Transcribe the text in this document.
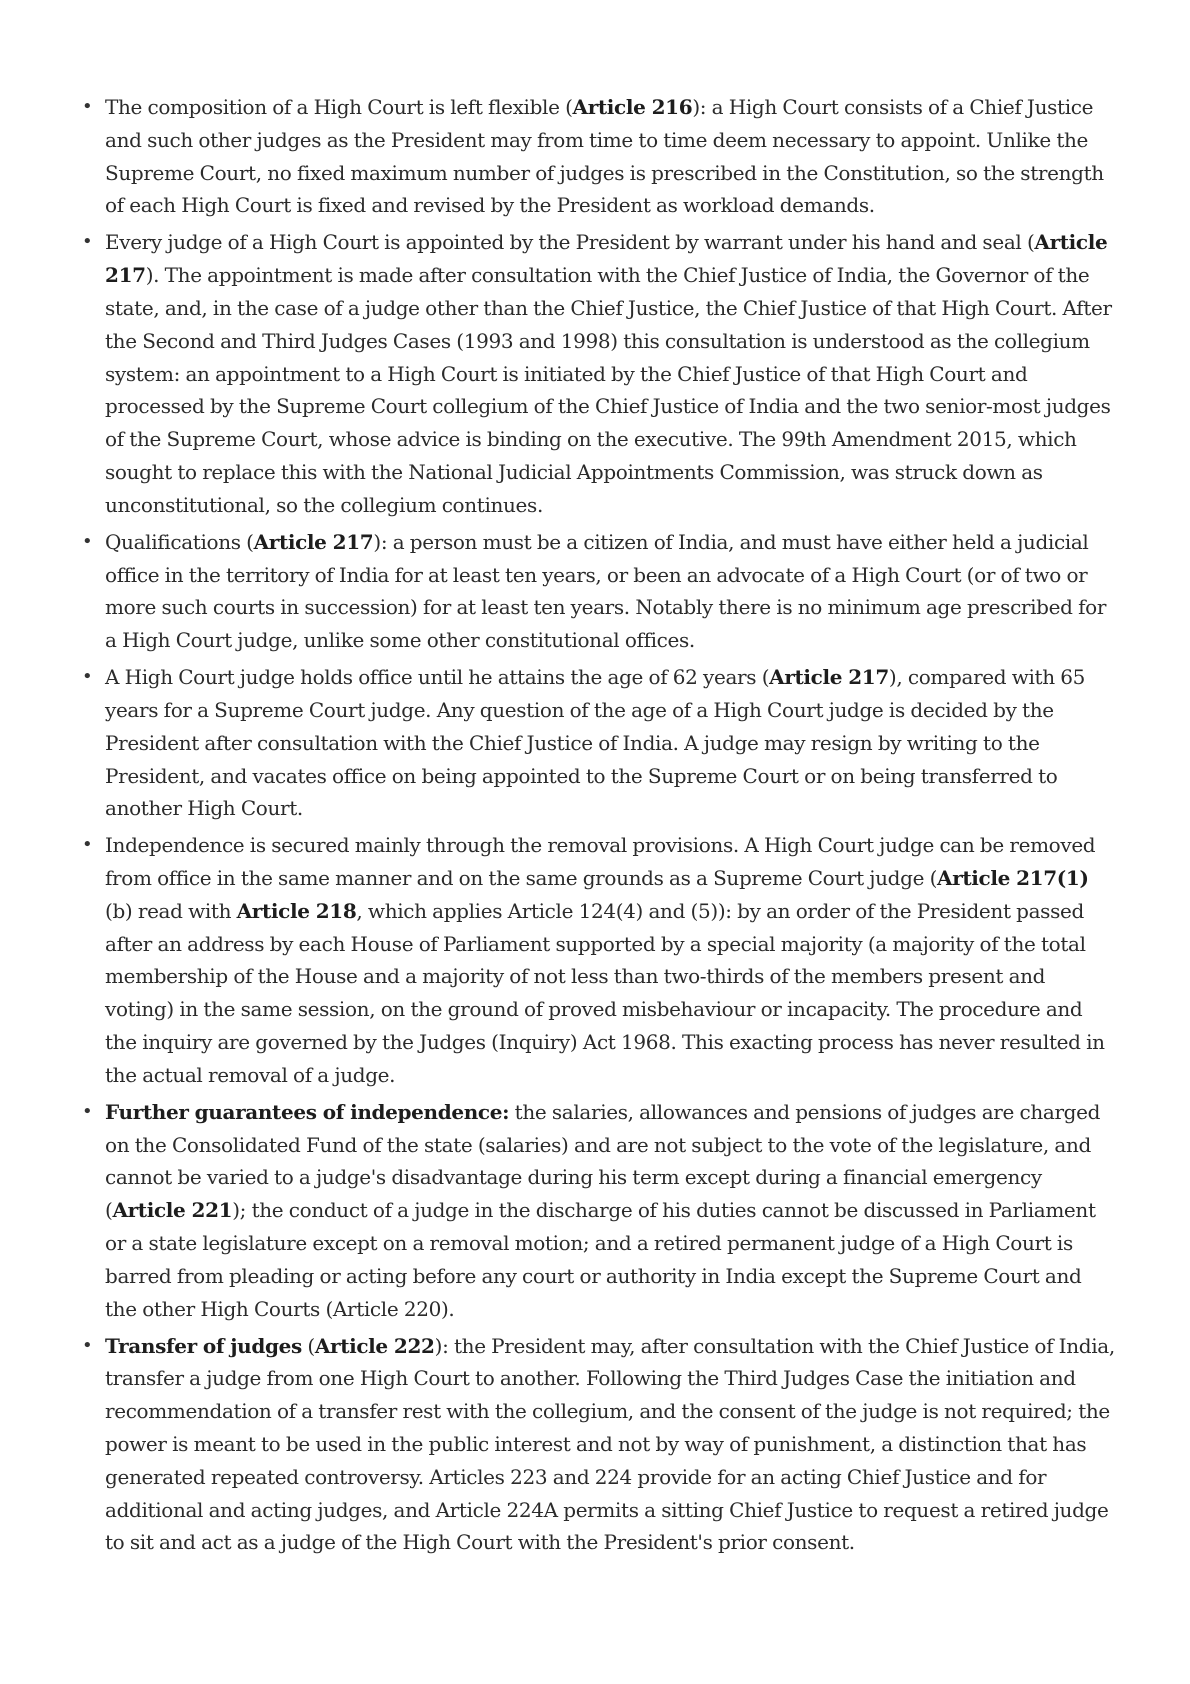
• The composition of a High Court is left flexible (Article 216): a High Court consists of a Chief Justice and such other judges as the President may from time to time deem necessary to appoint. Unlike the Supreme Court, no fixed maximum number of judges is prescribed in the Constitution, so the strength of each High Court is fixed and revised by the President as workload demands.
• Every judge of a High Court is appointed by the President by warrant under his hand and seal (Article 217). The appointment is made after consultation with the Chief Justice of India, the Governor of the state, and, in the case of a judge other than the Chief Justice, the Chief Justice of that High Court. After the Second and Third Judges Cases (1993 and 1998) this consultation is understood as the collegium system: an appointment to a High Court is initiated by the Chief Justice of that High Court and processed by the Supreme Court collegium of the Chief Justice of India and the two senior-most judges of the Supreme Court, whose advice is binding on the executive. The 99th Amendment 2015, which sought to replace this with the National Judicial Appointments Commission, was struck down as unconstitutional, so the collegium continues.
• Qualifications (Article 217): a person must be a citizen of India, and must have either held a judicial office in the territory of India for at least ten years, or been an advocate of a High Court (or of two or more such courts in succession) for at least ten years. Notably there is no minimum age prescribed for a High Court judge, unlike some other constitutional offices.
• A High Court judge holds office until he attains the age of 62 years (Article 217), compared with 65 years for a Supreme Court judge. Any question of the age of a High Court judge is decided by the President after consultation with the Chief Justice of India. A judge may resign by writing to the President, and vacates office on being appointed to the Supreme Court or on being transferred to another High Court.
• Independence is secured mainly through the removal provisions. A High Court judge can be removed from office in the same manner and on the same grounds as a Supreme Court judge (Article 217(1)(b) read with Article 218, which applies Article 124(4) and (5)): by an order of the President passed after an address by each House of Parliament supported by a special majority (a majority of the total membership of the House and a majority of not less than two-thirds of the members present and voting) in the same session, on the ground of proved misbehaviour or incapacity. The procedure and the inquiry are governed by the Judges (Inquiry) Act 1968. This exacting process has never resulted in the actual removal of a judge.
• Further guarantees of independence: the salaries, allowances and pensions of judges are charged on the Consolidated Fund of the state (salaries) and are not subject to the vote of the legislature, and cannot be varied to a judge's disadvantage during his term except during a financial emergency (Article 221); the conduct of a judge in the discharge of his duties cannot be discussed in Parliament or a state legislature except on a removal motion; and a retired permanent judge of a High Court is barred from pleading or acting before any court or authority in India except the Supreme Court and the other High Courts (Article 220).
• Transfer of judges (Article 222): the President may, after consultation with the Chief Justice of India, transfer a judge from one High Court to another. Following the Third Judges Case the initiation and recommendation of a transfer rest with the collegium, and the consent of the judge is not required; the power is meant to be used in the public interest and not by way of punishment, a distinction that has generated repeated controversy. Articles 223 and 224 provide for an acting Chief Justice and for additional and acting judges, and Article 224A permits a sitting Chief Justice to request a retired judge to sit and act as a judge of the High Court with the President's prior consent.
